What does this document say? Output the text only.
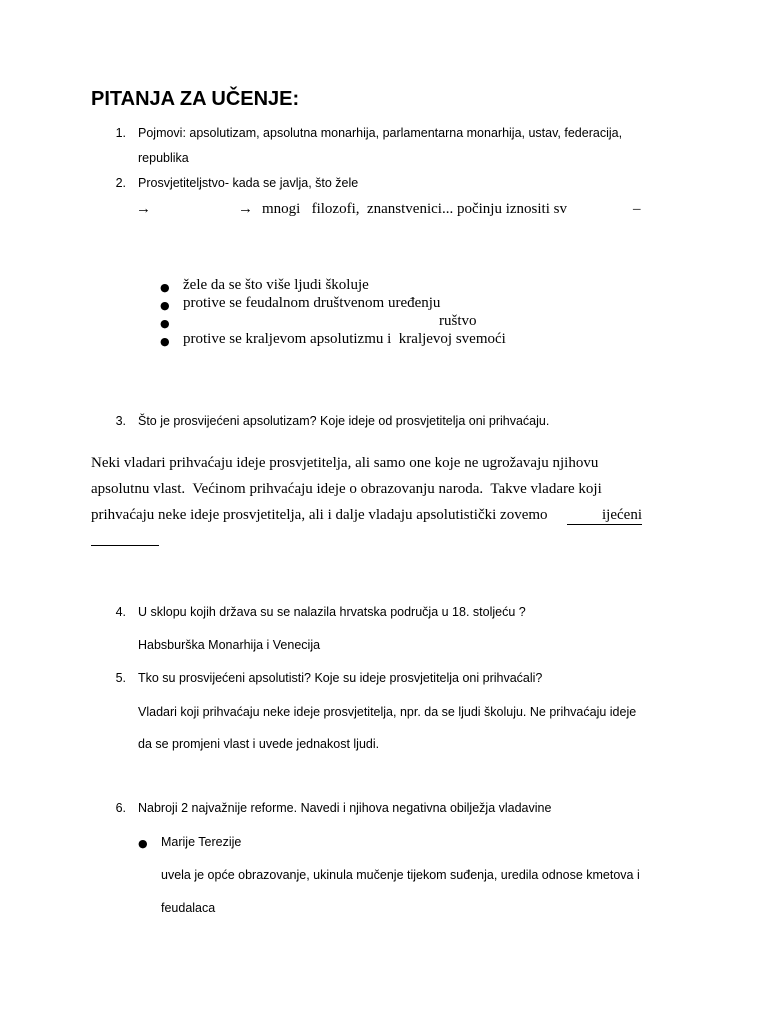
PITANJA ZA UČENJE:
1. Pojmovi: apsolutizam, apsolutna monarhija, parlamentarna monarhija, ustav, federacija,
republika
2. Prosvjetiteljstvo- kada se javlja, što žele
→	→ mnogi   filozofi,  znanstvenici... počinju iznositi sv	–
● žele da se što više ljudi školuje
● protive se feudalnom društvenom uređenju
●	ruštvo
● protive se kraljevom apsolutizmu i  kraljevoj svemoći
3. Što je prosvijećeni apsolutizam? Koje ideje od prosvjetitelja oni prihvaćaju.
Neki vladari prihvaćaju ideje prosvjetitelja, ali samo one koje ne ugrožavaju njihovu
apsolutnu vlast.  Većinom prihvaćaju ideje o obrazovanju naroda.  Takve vladare koji
prihvaćaju neke ideje prosvjetitelja, ali i dalje vladaju apsolutistički zovemo	ijećeni
4. U sklopu kojih država su se nalazila hrvatska područja u 18. stoljeću ?
Habsburška Monarhija i Venecija
5. Tko su prosvijećeni apsolutisti? Koje su ideje prosvjetitelja oni prihvaćali?
Vladari koji prihvaćaju neke ideje prosvjetitelja, npr. da se ljudi školuju. Ne prihvaćaju ideje
da se promjeni vlast i uvede jednakost ljudi.
6. Nabroji 2 najvažnije reforme. Navedi i njihova negativna obilježja vladavine
● Marije Terezije
uvela je opće obrazovanje, ukinula mučenje tijekom suđenja, uredila odnose kmetova i
feudalaca
